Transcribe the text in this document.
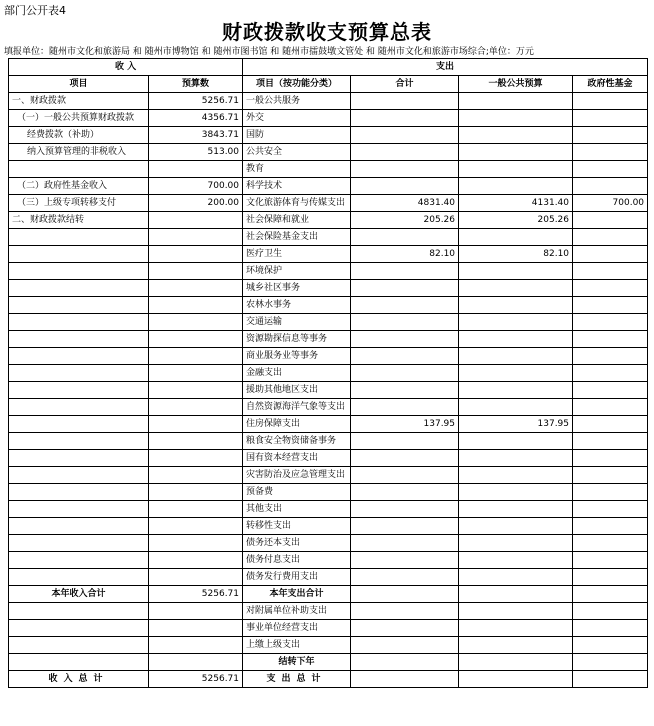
部门公开表4
财政拨款收支预算总表
填报单位：随州市文化和旅游局 和 随州市博物馆 和 随州市图书馆 和 随州市擂鼓墩文管处 和 随州市文化和旅游市场综合;单位：万元
收 入		支出			
项目	预算数	项目（按功能分类）	合计	一般公共预算	政府性基金
一、财政拨款	5256.71	一般公共服务			
（一）一般公共预算财政拨款	4356.71	外交			
经费拨款（补助）	3843.71	国防			
纳入预算管理的非税收入	513.00	公共安全			
		教育			
（二）政府性基金收入	700.00	科学技术			
（三）上级专项转移支付	200.00	文化旅游体育与传媒支出	4831.40	4131.40	700.00
二、财政拨款结转		社会保障和就业	205.26	205.26	
		社会保险基金支出			
		医疗卫生	82.10	82.10	
		环境保护			
		城乡社区事务			
		农林水事务			
		交通运输			
		资源勘探信息等事务			
		商业服务业等事务			
		金融支出			
		援助其他地区支出			
		自然资源海洋气象等支出			
		住房保障支出	137.95	137.95	
		粮食安全物资储备事务			
		国有资本经营支出			
		灾害防治及应急管理支出			
		预备费			
		其他支出			
		转移性支出			
		债务还本支出			
		债务付息支出			
		债务发行费用支出			
本年收入合计	5256.71	本年支出合计			
		对附属单位补助支出			
		事业单位经营支出			
		上缴上级支出			
		结转下年			
收入总计	5256.71	支出总计			
